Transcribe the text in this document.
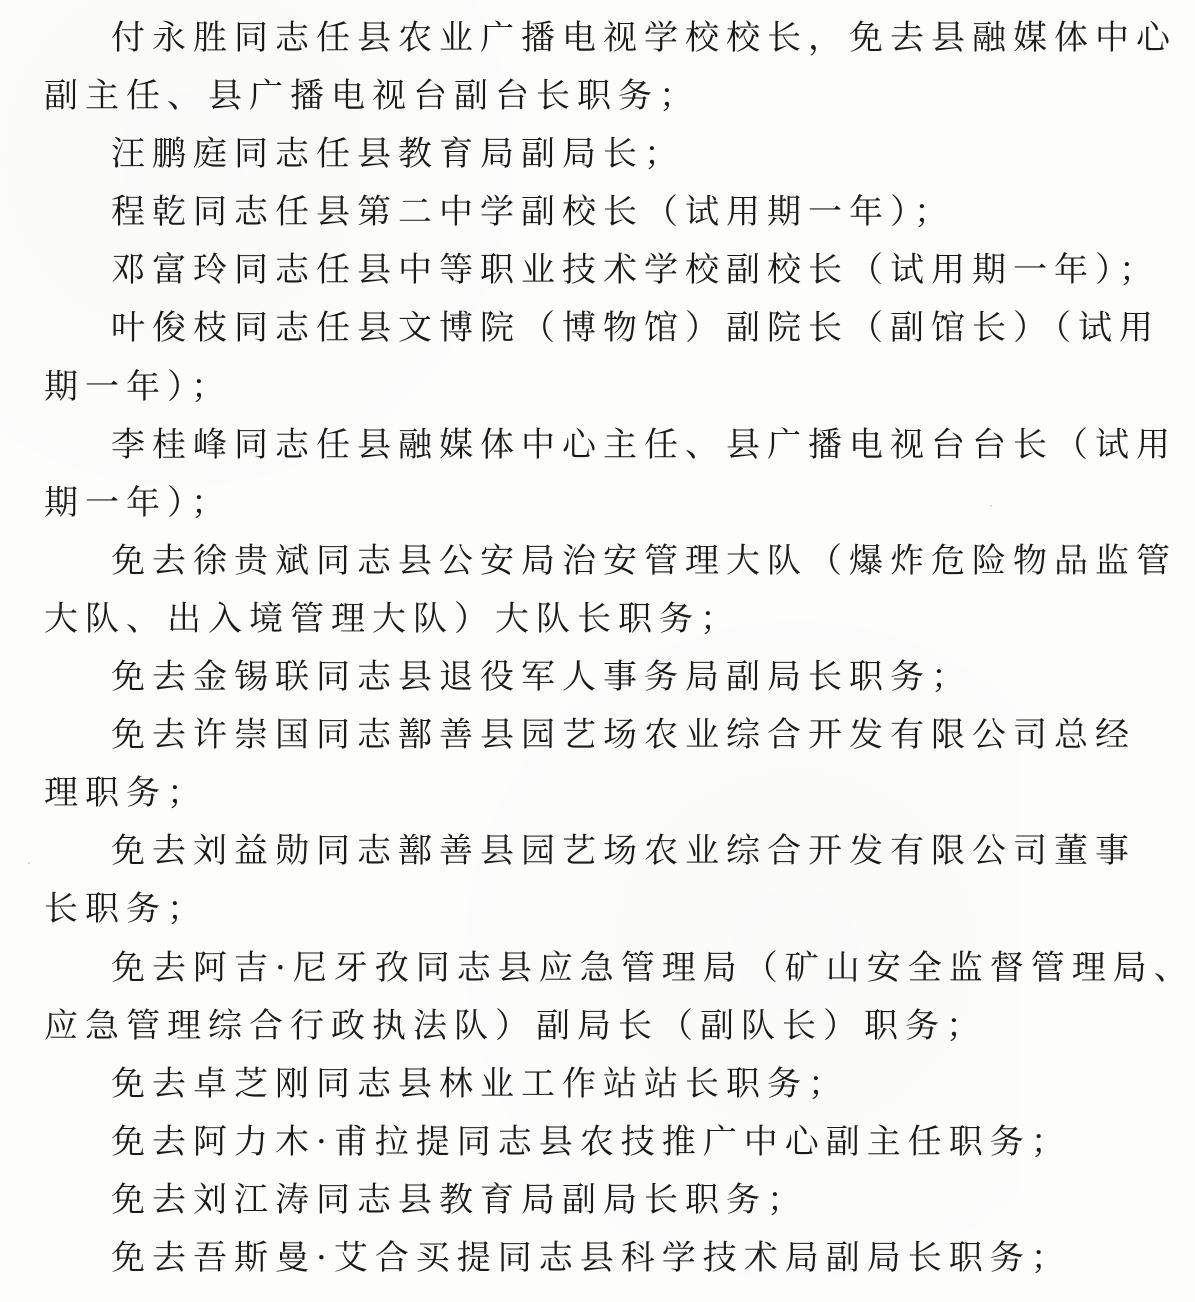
付永胜同志任县农业广播电视学校校长，免去县融媒体中心
副主任、县广播电视台副台长职务；
汪鹏庭同志任县教育局副局长；
程乾同志任县第二中学副校长（试用期一年）；
邓富玲同志任县中等职业技术学校副校长（试用期一年）；
叶俊枝同志任县文博院（博物馆）副院长（副馆长）（试用
期一年）；
李桂峰同志任县融媒体中心主任、县广播电视台台长（试用
期一年）；
免去徐贵斌同志县公安局治安管理大队（爆炸危险物品监管
大队、出入境管理大队）大队长职务；
免去金锡联同志县退役军人事务局副局长职务；
免去许崇国同志鄯善县园艺场农业综合开发有限公司总经
理职务；
免去刘益勋同志鄯善县园艺场农业综合开发有限公司董事
长职务；
免去阿吉·尼牙孜同志县应急管理局（矿山安全监督管理局、
应急管理综合行政执法队）副局长（副队长）职务；
免去卓芝刚同志县林业工作站站长职务；
免去阿力木·甫拉提同志县农技推广中心副主任职务；
免去刘江涛同志县教育局副局长职务；
免去吾斯曼·艾合买提同志县科学技术局副局长职务；
